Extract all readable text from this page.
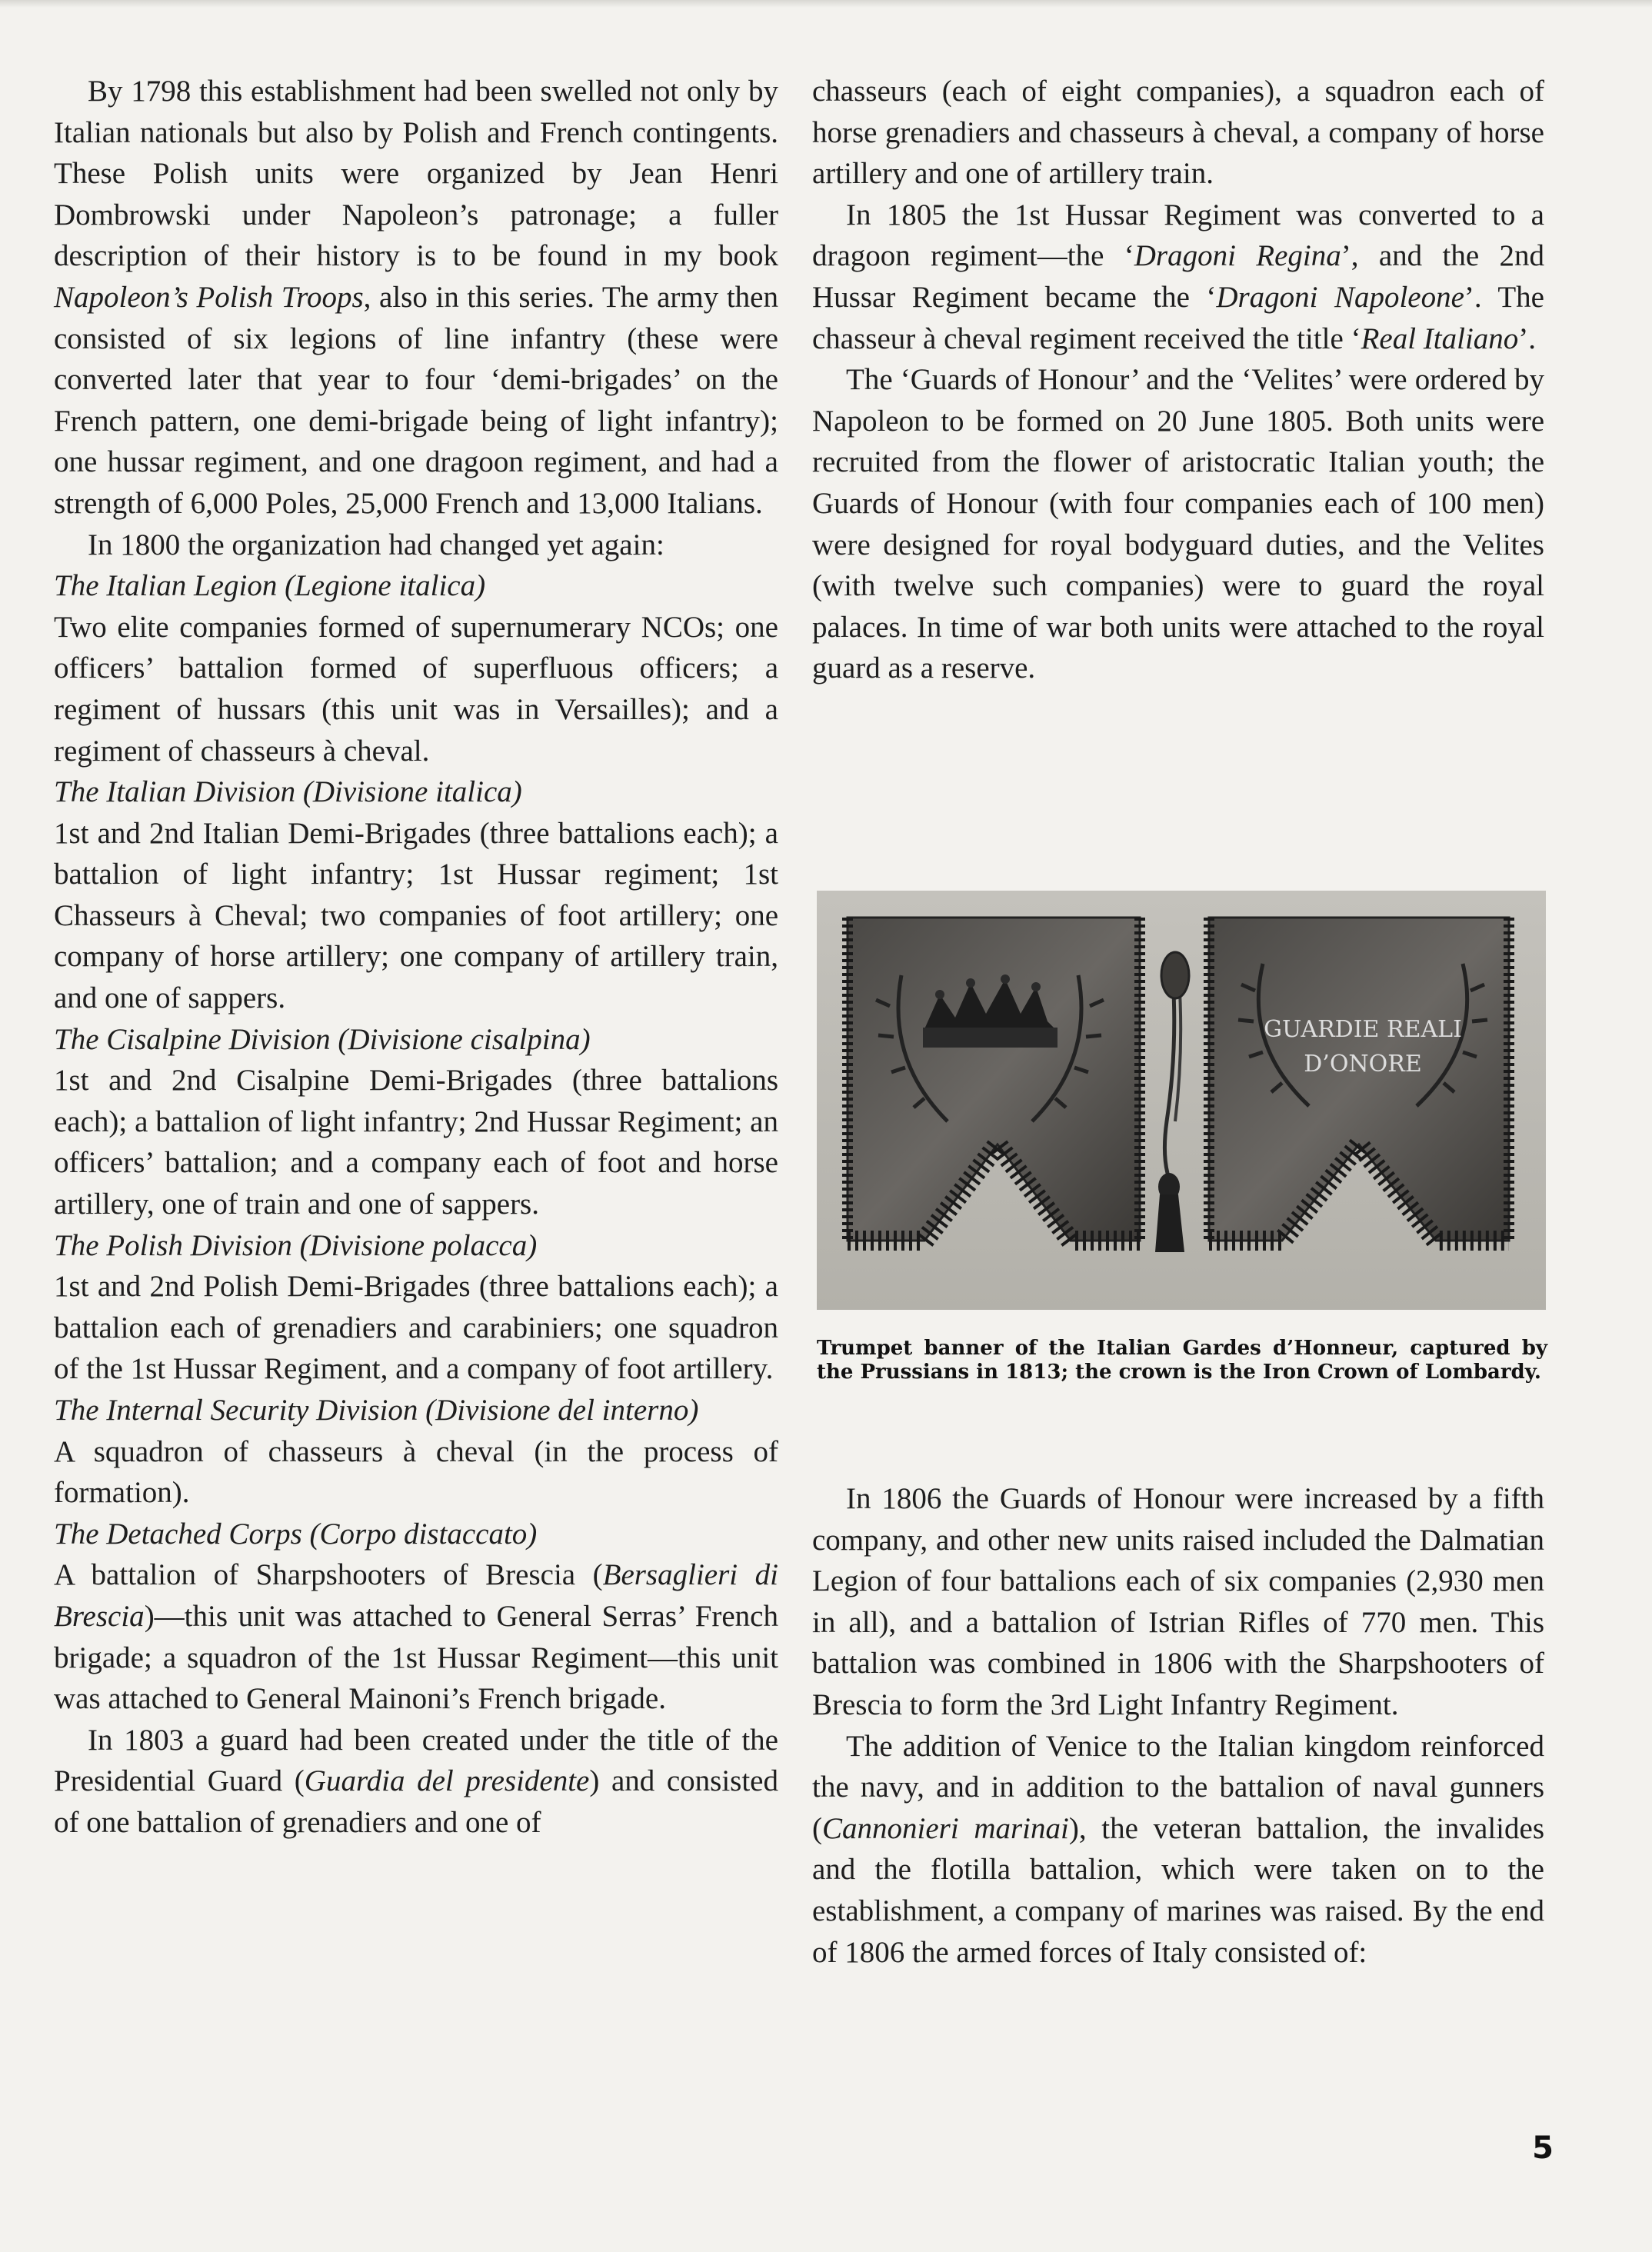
By 1798 this establishment had been swelled not only by Italian nationals but also by Polish and French contingents. These Polish units were organized by Jean Henri Dombrowski under Napoleon’s patronage; a fuller description of their history is to be found in my book Napoleon’s Polish Troops, also in this series. The army then consisted of six legions of line infantry (these were converted later that year to four ‘demi-brigades’ on the French pattern, one demi-brigade being of light infantry); one hussar regiment, and one dragoon regiment, and had a strength of 6,000 Poles, 25,000 French and 13,000 Italians.

In 1800 the organization had changed yet again:

The Italian Legion (Legione italica)

Two elite companies formed of supernumerary NCOs; one officers’ battalion formed of superfluous officers; a regiment of hussars (this unit was in Versailles); and a regiment of chasseurs à cheval.

The Italian Division (Divisione italica)

1st and 2nd Italian Demi-Brigades (three battalions each); a battalion of light infantry; 1st Hussar regiment; 1st Chasseurs à Cheval; two companies of foot artillery; one company of horse artillery; one company of artillery train, and one of sappers.

The Cisalpine Division (Divisione cisalpina)

1st and 2nd Cisalpine Demi-Brigades (three battalions each); a battalion of light infantry; 2nd Hussar Regiment; an officers’ battalion; and a company each of foot and horse artillery, one of train and one of sappers.

The Polish Division (Divisione polacca)

1st and 2nd Polish Demi-Brigades (three battalions each); a battalion each of grenadiers and carabiniers; one squadron of the 1st Hussar Regiment, and a company of foot artillery.

The Internal Security Division (Divisione del interno)

A squadron of chasseurs à cheval (in the process of formation).

The Detached Corps (Corpo distaccato)

A battalion of Sharpshooters of Brescia (Bersaglieri di Brescia)—this unit was attached to General Serras’ French brigade; a squadron of the 1st Hussar Regiment—this unit was attached to General Mainoni’s French brigade.

In 1803 a guard had been created under the title of the Presidential Guard (Guardia del presidente) and consisted of one battalion of grenadiers and one of

chasseurs (each of eight companies), a squadron each of horse grenadiers and chasseurs à cheval, a company of horse artillery and one of artillery train.

In 1805 the 1st Hussar Regiment was converted to a dragoon regiment—the ‘Dragoni Regina’, and the 2nd Hussar Regiment became the ‘Dragoni Napoleone’. The chasseur à cheval regiment received the title ‘Real Italiano’.

The ‘Guards of Honour’ and the ‘Velites’ were ordered by Napoleon to be formed on 20 June 1805. Both units were recruited from the flower of aristocratic Italian youth; the Guards of Honour (with four companies each of 100 men) were designed for royal bodyguard duties, and the Velites (with twelve such companies) were to guard the royal palaces. In time of war both units were attached to the royal guard as a reserve.

GUARDIE REALI
D’ONORE
Trumpet banner of the Italian Gardes d’Honneur, captured by the Prussians in 1813; the crown is the Iron Crown of Lombardy.

In 1806 the Guards of Honour were increased by a fifth company, and other new units raised included the Dalmatian Legion of four battalions each of six companies (2,930 men in all), and a battalion of Istrian Rifles of 770 men. This battalion was combined in 1806 with the Sharpshooters of Brescia to form the 3rd Light Infantry Regiment.

The addition of Venice to the Italian kingdom reinforced the navy, and in addition to the battalion of naval gunners (Cannonieri marinai), the veteran battalion, the invalides and the flotilla battalion, which were taken on to the establishment, a company of marines was raised. By the end of 1806 the armed forces of Italy consisted of:

5
